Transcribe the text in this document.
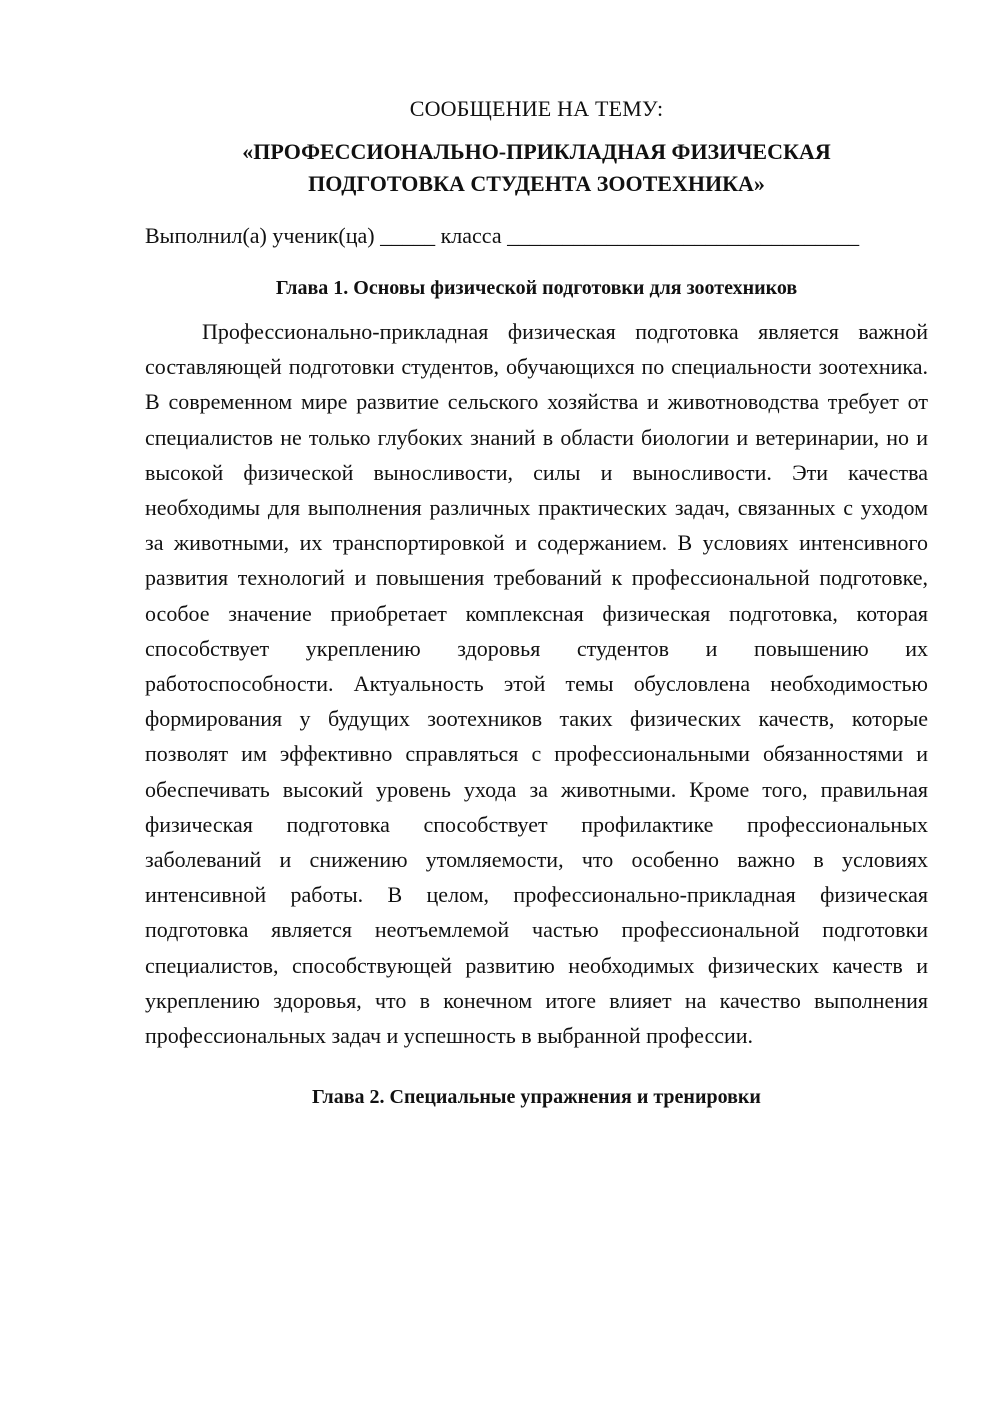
СООБЩЕНИЕ НА ТЕМУ:

«ПРОФЕССИОНАЛЬНО-ПРИКЛАДНАЯ ФИЗИЧЕСКАЯ
ПОДГОТОВКА СТУДЕНТА ЗООТЕХНИКА»

Выполнил(а) ученик(ца) _____ класса ________________________________

Глава 1. Основы физической подготовки для зоотехников

Профессионально-прикладная физическая подготовка является важной составляющей подготовки студентов, обучающихся по специальности зоотехника. В современном мире развитие сельского хозяйства и животноводства требует от специалистов не только глубоких знаний в области биологии и ветеринарии, но и высокой физической выносливости, силы и выносливости. Эти качества необходимы для выполнения различных практических задач, связанных с уходом за животными, их транспортировкой и содержанием. В условиях интенсивного развития технологий и повышения требований к профессиональной подготовке, особое значение приобретает комплексная физическая подготовка, которая способствует укреплению здоровья студентов и повышению их работоспособности. Актуальность этой темы обусловлена необходимостью формирования у будущих зоотехников таких физических качеств, которые позволят им эффективно справляться с профессиональными обязанностями и обеспечивать высокий уровень ухода за животными. Кроме того, правильная физическая подготовка способствует профилактике профессиональных заболеваний и снижению утомляемости, что особенно важно в условиях интенсивной работы. В целом, профессионально-прикладная физическая подготовка является неотъемлемой частью профессиональной подготовки специалистов, способствующей развитию необходимых физических качеств и укреплению здоровья, что в конечном итоге влияет на качество выполнения профессиональных задач и успешность в выбранной профессии.

Глава 2. Специальные упражнения и тренировки
